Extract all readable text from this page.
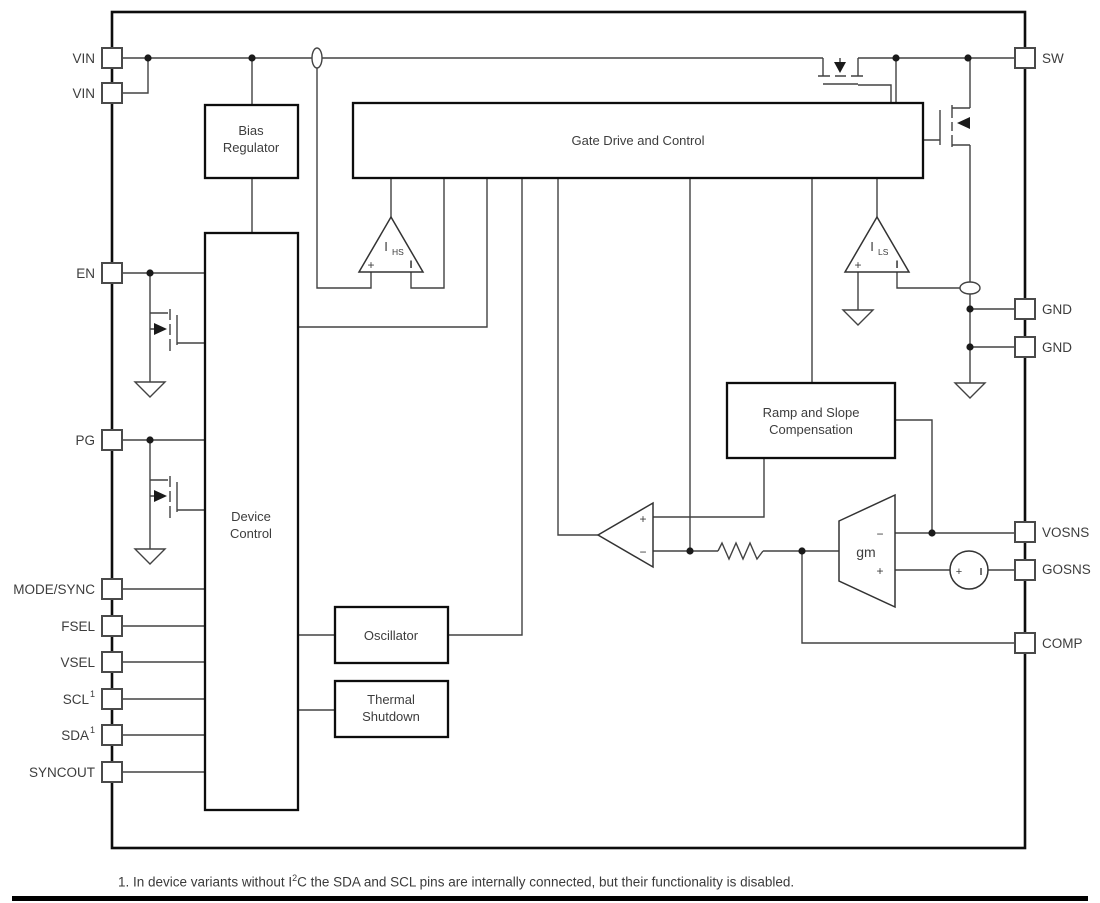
I HS
+	I
I LS
+	I
+
−	gm
−
+	+ I
Bias
Regulator	Gate Drive and Control
Device
Control
Ramp and Slope
Compensation
Oscillator
Thermal
Shutdown
VIN
VIN
EN
PG
MODE/SYNC
FSEL
VSEL
SCL 1
SDA 1
SYNCOUT
SW
GND
GND
VOSNS
GOSNS
COMP
1. In device variants without $I^2C$ the SDA and SCL pins are internally connected, but their functionality is disabled.
